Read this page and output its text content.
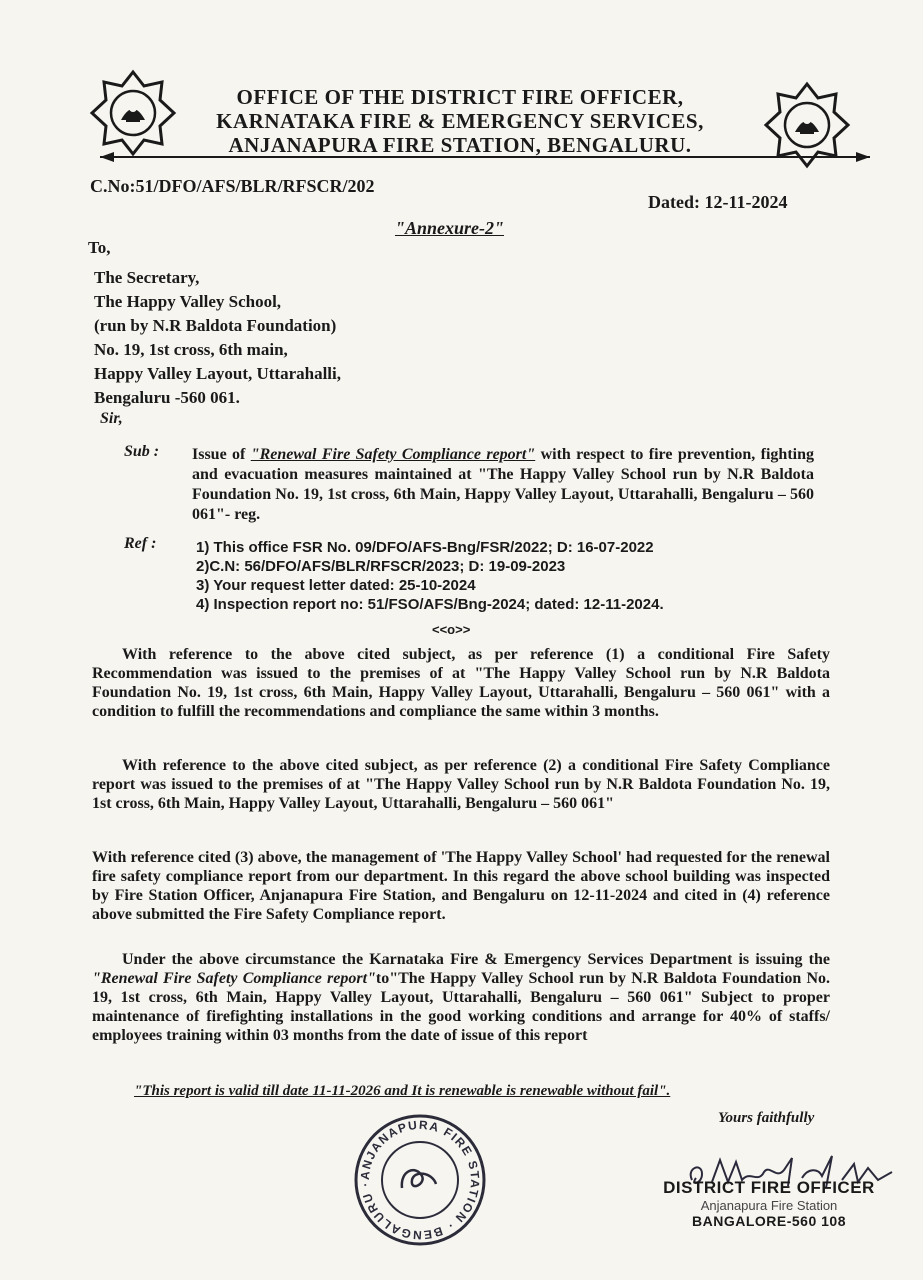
OFFICE OF THE DISTRICT FIRE OFFICER,
KARNATAKA FIRE & EMERGENCY SERVICES,
ANJANAPURA FIRE STATION, BENGALURU.
C.No:51/DFO/AFS/BLR/RFSCR/202
Dated: 12-11-2024
"Annexure-2"
To,
The Secretary,
The Happy Valley School,
(run by N.R Baldota Foundation)
No. 19, 1st cross, 6th main,
Happy Valley Layout, Uttarahalli,
Bengaluru -560 061.
Sir,
Sub : Issue of "Renewal Fire Safety Compliance report" with respect to fire prevention, fighting and evacuation measures maintained at "The Happy Valley School run by N.R Baldota Foundation No. 19, 1st cross, 6th Main, Happy Valley Layout, Uttarahalli, Bengaluru – 560 061"- reg.
Ref :	1) This office FSR No. 09/DFO/AFS-Bng/FSR/2022; D: 16-07-2022
2)C.N: 56/DFO/AFS/BLR/RFSCR/2023; D: 19-09-2023
3) Your request letter dated: 25-10-2024
4) Inspection report no: 51/FSO/AFS/Bng-2024; dated: 12-11-2024.
<<o>>
With reference to the above cited subject, as per reference (1) a conditional Fire Safety Recommendation was issued to the premises of at "The Happy Valley School run by N.R Baldota Foundation No. 19, 1st cross, 6th Main, Happy Valley Layout, Uttarahalli, Bengaluru – 560 061" with a condition to fulfill the recommendations and compliance the same within 3 months.
With reference to the above cited subject, as per reference (2) a conditional Fire Safety Compliance report was issued to the premises of at "The Happy Valley School run by N.R Baldota Foundation No. 19, 1st cross, 6th Main, Happy Valley Layout, Uttarahalli, Bengaluru – 560 061"
With reference cited (3) above, the management of 'The Happy Valley School' had requested for the renewal fire safety compliance report from our department. In this regard the above school building was inspected by Fire Station Officer, Anjanapura Fire Station, and Bengaluru on 12-11-2024 and cited in (4) reference above submitted the Fire Safety Compliance report.
Under the above circumstance the Karnataka Fire & Emergency Services Department is issuing the "Renewal Fire Safety Compliance report"to"The Happy Valley School run by N.R Baldota Foundation No. 19, 1st cross, 6th Main, Happy Valley Layout, Uttarahalli, Bengaluru – 560 061" Subject to proper maintenance of firefighting installations in the good working conditions and arrange for 40% of staffs/ employees training within 03 months from the date of issue of this report
"This report is valid till date 11-11-2026 and It is renewable is renewable without fail".
Yours faithfully
ANJANAPURA FIRE STATION · BENGALURU ·	DISTRICT FIRE OFFICER
Anjanapura Fire Station
BANGALORE-560 108
